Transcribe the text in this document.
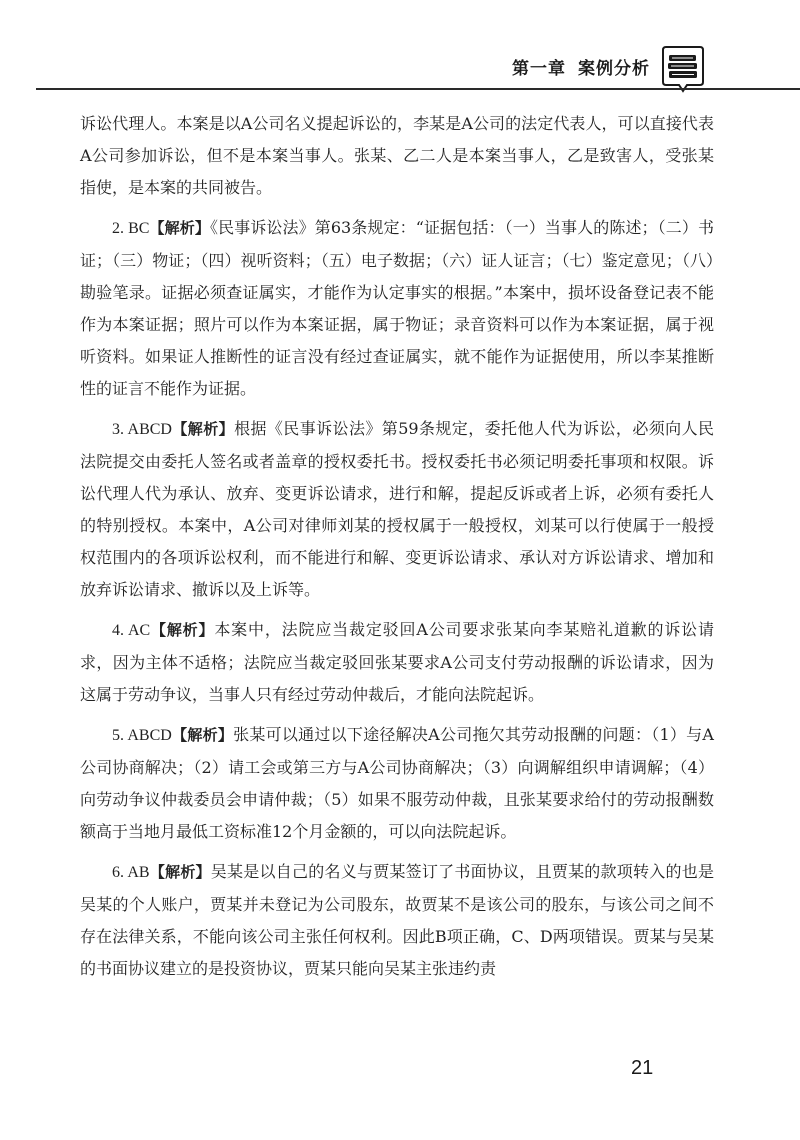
第一章 案例分析

诉讼代理人。本案是以A公司名义提起诉讼的，李某是A公司的法定代表人，可以直接代表A公司参加诉讼，但不是本案当事人。张某、乙二人是本案当事人，乙是致害人，受张某指使，是本案的共同被告。

2. BC【解析】《民事诉讼法》第63条规定：“证据包括：（一）当事人的陈述；（二）书证；（三）物证；（四）视听资料；（五）电子数据；（六）证人证言；（七）鉴定意见；（八）勘验笔录。证据必须查证属实，才能作为认定事实的根据。”本案中，损坏设备登记表不能作为本案证据；照片可以作为本案证据，属于物证；录音资料可以作为本案证据，属于视听资料。如果证人推断性的证言没有经过查证属实，就不能作为证据使用，所以李某推断性的证言不能作为证据。

3. ABCD【解析】根据《民事诉讼法》第59条规定，委托他人代为诉讼，必须向人民法院提交由委托人签名或者盖章的授权委托书。授权委托书必须记明委托事项和权限。诉讼代理人代为承认、放弃、变更诉讼请求，进行和解，提起反诉或者上诉，必须有委托人的特别授权。本案中，A公司对律师刘某的授权属于一般授权，刘某可以行使属于一般授权范围内的各项诉讼权利，而不能进行和解、变更诉讼请求、承认对方诉讼请求、增加和放弃诉讼请求、撤诉以及上诉等。

4. AC【解析】本案中，法院应当裁定驳回A公司要求张某向李某赔礼道歉的诉讼请求，因为主体不适格；法院应当裁定驳回张某要求A公司支付劳动报酬的诉讼请求，因为这属于劳动争议，当事人只有经过劳动仲裁后，才能向法院起诉。

5. ABCD【解析】张某可以通过以下途径解决A公司拖欠其劳动报酬的问题：（1）与A公司协商解决；（2）请工会或第三方与A公司协商解决；（3）向调解组织申请调解；（4）向劳动争议仲裁委员会申请仲裁；（5）如果不服劳动仲裁，且张某要求给付的劳动报酬数额高于当地月最低工资标准12个月金额的，可以向法院起诉。

6. AB【解析】吴某是以自己的名义与贾某签订了书面协议，且贾某的款项转入的也是吴某的个人账户，贾某并未登记为公司股东，故贾某不是该公司的股东，与该公司之间不存在法律关系，不能向该公司主张任何权利。因此B项正确，C、D两项错误。贾某与吴某的书面协议建立的是投资协议，贾某只能向吴某主张违约责

21
